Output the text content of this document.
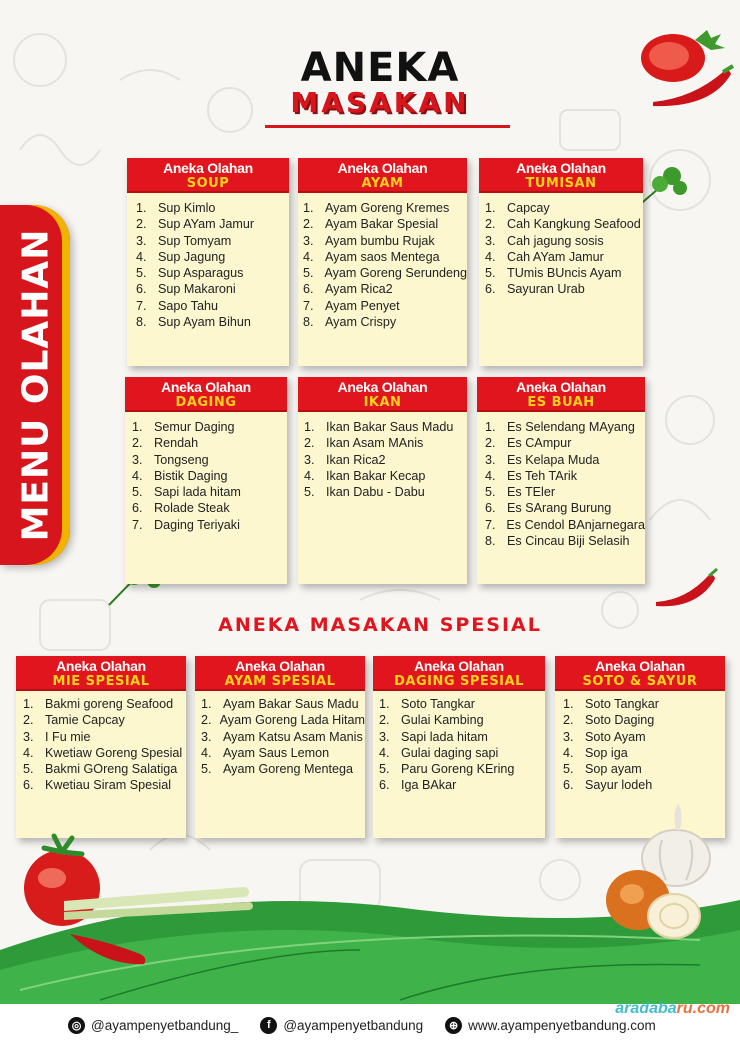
ANEKA
MASAKAN
MENU OLAHAN
Aneka Olahan
SOUP
1. Sup Kimlo
2. Sup AYam Jamur
3. Sup Tomyam
4. Sup Jagung
5. Sup Asparagus
6. Sup Makaroni
7. Sapo Tahu
8. Sup Ayam Bihun
Aneka Olahan
AYAM
1. Ayam Goreng Kremes
2. Ayam Bakar Spesial
3. Ayam bumbu Rujak
4. Ayam saos Mentega
5. Ayam Goreng Serundeng
6. Ayam Rica2
7. Ayam Penyet
8. Ayam Crispy
Aneka Olahan
TUMISAN
1. Capcay
2. Cah Kangkung Seafood
3. Cah jagung sosis
4. Cah AYam Jamur
5. TUmis BUncis Ayam
6. Sayuran Urab
Aneka Olahan
DAGING
1. Semur Daging
2. Rendah
3. Tongseng
4. Bistik Daging
5. Sapi lada hitam
6. Rolade Steak
7. Daging Teriyaki
Aneka Olahan
IKAN
1. Ikan Bakar Saus Madu
2. Ikan Asam MAnis
3. Ikan Rica2
4. Ikan Bakar Kecap
5. Ikan Dabu - Dabu
Aneka Olahan
ES BUAH
1. Es Selendang MAyang
2. Es CAmpur
3. Es Kelapa Muda
4. Es Teh TArik
5. Es TEler
6. Es SArang Burung
7. Es Cendol BAnjarnegara
8. Es Cincau Biji Selasih
ANEKA MASAKAN SPESIAL
Aneka Olahan
MIE SPESIAL
1. Bakmi goreng Seafood
2. Tamie Capcay
3. I Fu mie
4. Kwetiaw Goreng Spesial
5. Bakmi GOreng Salatiga
6. Kwetiau Siram Spesial
Aneka Olahan
AYAM SPESIAL
1. Ayam Bakar Saus Madu
2. Ayam Goreng Lada Hitam
3. Ayam Katsu Asam Manis
4. Ayam Saus Lemon
5. Ayam Goreng Mentega
Aneka Olahan
DAGING SPESIAL
1. Soto Tangkar
2. Gulai Kambing
3. Sapi lada hitam
4. Gulai daging sapi
5. Paru Goreng KEring
6. Iga BAkar
Aneka Olahan
SOTO & SAYUR
1. Soto Tangkar
2. Soto Daging
3. Soto Ayam
4. Sop iga
5. Sop ayam
6. Sayur lodeh
◎ @ayampenyetbandung_	f @ayampenyetbandung	⊕ www.ayampenyetbandung.com
aradabaru.com
